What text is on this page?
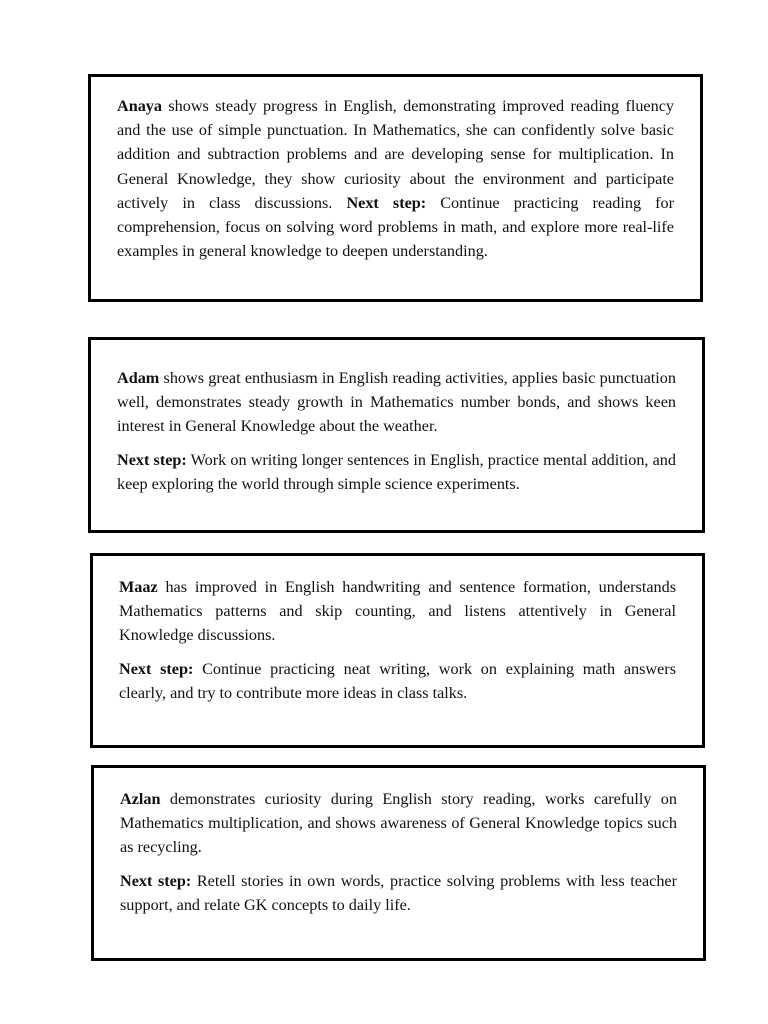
Anaya shows steady progress in English, demonstrating improved reading fluency and the use of simple punctuation. In Mathematics, she can confidently solve basic addition and subtraction problems and are developing sense for multiplication. In General Knowledge, they show curiosity about the environment and participate actively in class discussions. Next step: Continue practicing reading for comprehension, focus on solving word problems in math, and explore more real-life examples in general knowledge to deepen understanding.

Adam shows great enthusiasm in English reading activities, applies basic punctuation well, demonstrates steady growth in Mathematics number bonds, and shows keen interest in General Knowledge about the weather.

Next step: Work on writing longer sentences in English, practice mental addition, and keep exploring the world through simple science experiments.

Maaz has improved in English handwriting and sentence formation, understands Mathematics patterns and skip counting, and listens attentively in General Knowledge discussions.

Next step: Continue practicing neat writing, work on explaining math answers clearly, and try to contribute more ideas in class talks.

Azlan demonstrates curiosity during English story reading, works carefully on Mathematics multiplication, and shows awareness of General Knowledge topics such as recycling.

Next step: Retell stories in own words, practice solving problems with less teacher support, and relate GK concepts to daily life.
